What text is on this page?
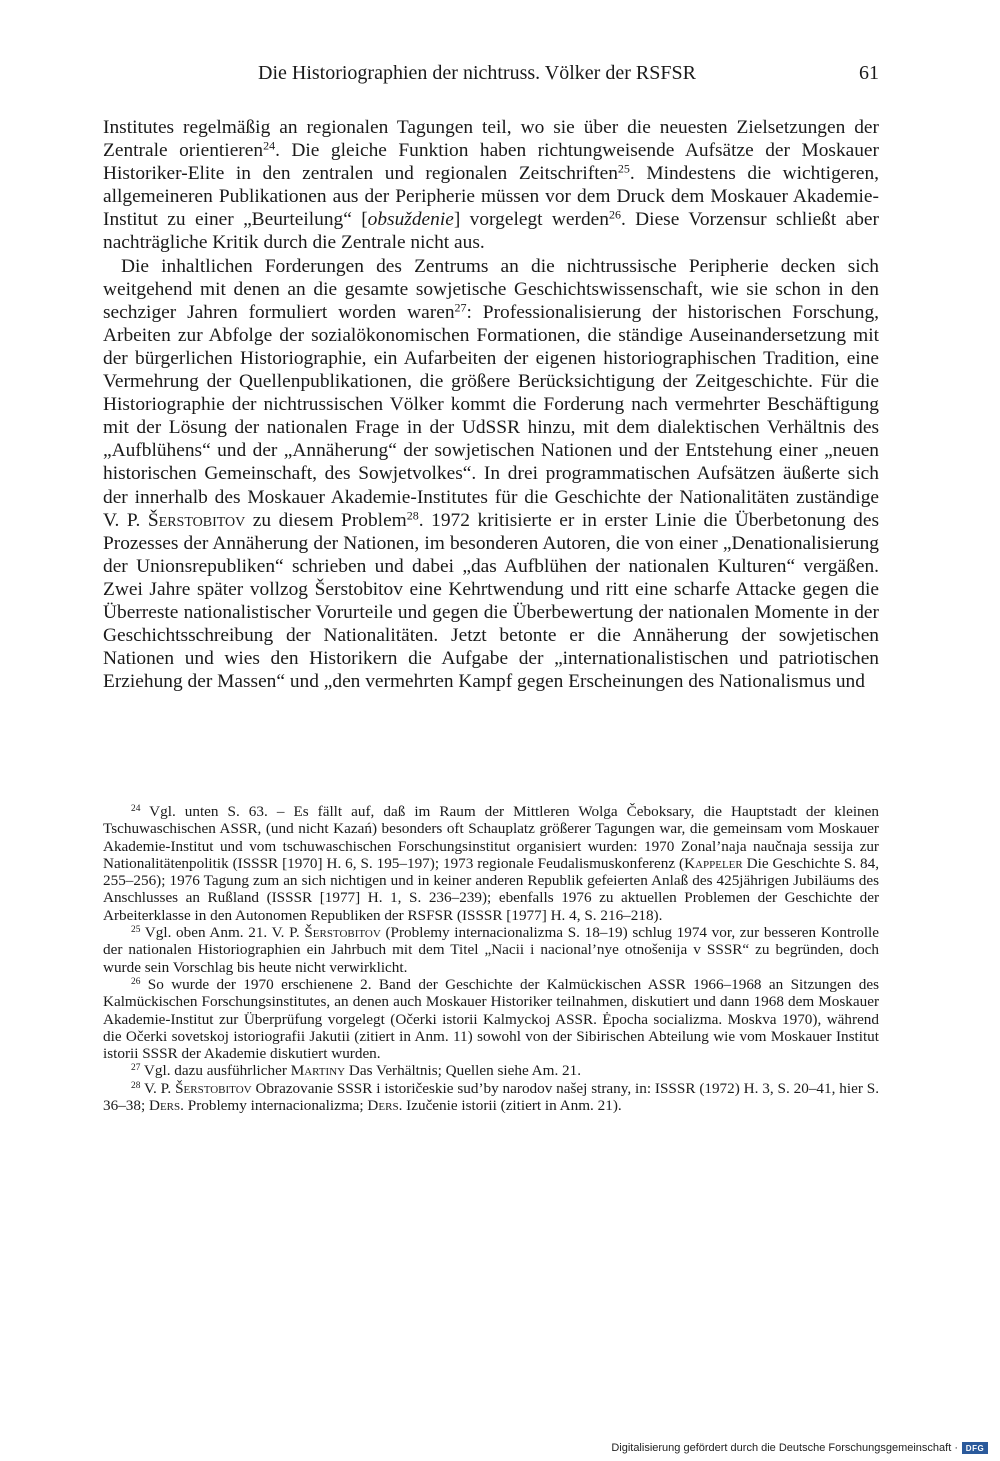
Die Historiographien der nichtruss. Völker der RSFSR	61

Institutes regelmäßig an regionalen Tagungen teil, wo sie über die neuesten Zielsetzungen der Zentrale orientieren$^{24}$. Die gleiche Funktion haben richtungweisende Aufsätze der Moskauer Historiker-Elite in den zentralen und regionalen Zeitschriften$^{25}$. Mindestens die wichtigeren, allgemeineren Publikationen aus der Peripherie müssen vor dem Druck dem Moskauer Akademie-Institut zu einer „Beurteilung“ [obsuždenie] vorgelegt werden$^{26}$. Diese Vorzensur schließt aber nachträgliche Kritik durch die Zentrale nicht aus.

Die inhaltlichen Forderungen des Zentrums an die nichtrussische Peripherie decken sich weitgehend mit denen an die gesamte sowjetische Geschichtswissenschaft, wie sie schon in den sechziger Jahren formuliert worden waren$^{27}$: Professionalisierung der historischen Forschung, Arbeiten zur Abfolge der sozialökonomischen Formationen, die ständige Auseinandersetzung mit der bürgerlichen Historiographie, ein Aufarbeiten der eigenen historiographischen Tradition, eine Vermehrung der Quellenpublikationen, die größere Berücksichtigung der Zeitgeschichte. Für die Historiographie der nichtrussischen Völker kommt die Forderung nach vermehrter Beschäftigung mit der Lösung der nationalen Frage in der UdSSR hinzu, mit dem dialektischen Verhältnis des „Aufblühens“ und der „Annäherung“ der sowjetischen Nationen und der Entstehung einer „neuen historischen Gemeinschaft, des Sowjetvolkes“. In drei programmatischen Aufsätzen äußerte sich der innerhalb des Moskauer Akademie-Institutes für die Geschichte der Nationalitäten zuständige V. P. Šerstobitov zu diesem Problem$^{28}$. 1972 kritisierte er in erster Linie die Überbetonung des Prozesses der Annäherung der Nationen, im besonderen Autoren, die von einer „Denationalisierung der Unionsrepubliken“ schrieben und dabei „das Aufblühen der nationalen Kulturen“ vergäßen. Zwei Jahre später vollzog Šerstobitov eine Kehrtwendung und ritt eine scharfe Attacke gegen die Überreste nationalistischer Vorurteile und gegen die Überbewertung der nationalen Momente in der Geschichtsschreibung der Nationalitäten. Jetzt betonte er die Annäherung der sowjetischen Nationen und wies den Historikern die Aufgabe der „internationalistischen und patriotischen Erziehung der Massen“ und „den vermehrten Kampf gegen Erscheinungen des Nationalismus und

$^{24}$ Vgl. unten S. 63. – Es fällt auf, daß im Raum der Mittleren Wolga Čeboksary, die Hauptstadt der kleinen Tschuwaschischen ASSR, (und nicht Kazań) besonders oft Schauplatz größerer Tagungen war, die gemeinsam vom Moskauer Akademie-Institut und vom tschuwaschischen Forschungsinstitut organisiert wurden: 1970 Zonal’naja naučnaja sessija zur Nationalitätenpolitik (ISSSR [1970] H. 6, S. 195–197); 1973 regionale Feudalismuskonferenz (Kappeler Die Geschichte S. 84, 255–256); 1976 Tagung zum an sich nichtigen und in keiner anderen Republik gefeierten Anlaß des 425jährigen Jubiläums des Anschlusses an Rußland (ISSSR [1977] H. 1, S. 236–239); ebenfalls 1976 zu aktuellen Problemen der Geschichte der Arbeiterklasse in den Autonomen Republiken der RSFSR (ISSSR [1977] H. 4, S. 216–218).

$^{25}$ Vgl. oben Anm. 21. V. P. Šerstobitov (Problemy internacionalizma S. 18–19) schlug 1974 vor, zur besseren Kontrolle der nationalen Historiographien ein Jahrbuch mit dem Titel „Nacii i nacional’nye otnošenija v SSSR“ zu begründen, doch wurde sein Vorschlag bis heute nicht verwirklicht.

$^{26}$ So wurde der 1970 erschienene 2. Band der Geschichte der Kalmückischen ASSR 1966–1968 an Sitzungen des Kalmückischen Forschungsinstitutes, an denen auch Moskauer Historiker teilnahmen, diskutiert und dann 1968 dem Moskauer Akademie-Institut zur Überprüfung vorgelegt (Očerki istorii Kalmyckoj ASSR. Ėpocha socializma. Moskva 1970), während die Očerki sovetskoj istoriografii Jakutii (zitiert in Anm. 11) sowohl von der Sibirischen Abteilung wie vom Moskauer Institut istorii SSSR der Akademie diskutiert wurden.

$^{27}$ Vgl. dazu ausführlicher Martiny Das Verhältnis; Quellen siehe Am. 21.

$^{28}$ V. P. Šerstobitov Obrazovanie SSSR i istoričeskie sud’by narodov našej strany, in: ISSSR (1972) H. 3, S. 20–41, hier S. 36–38; Ders. Problemy internacionalizma; Ders. Izučenie istorii (zitiert in Anm. 21).

Digitalisierung gefördert durch die Deutsche Forschungsgemeinschaft · DFG
